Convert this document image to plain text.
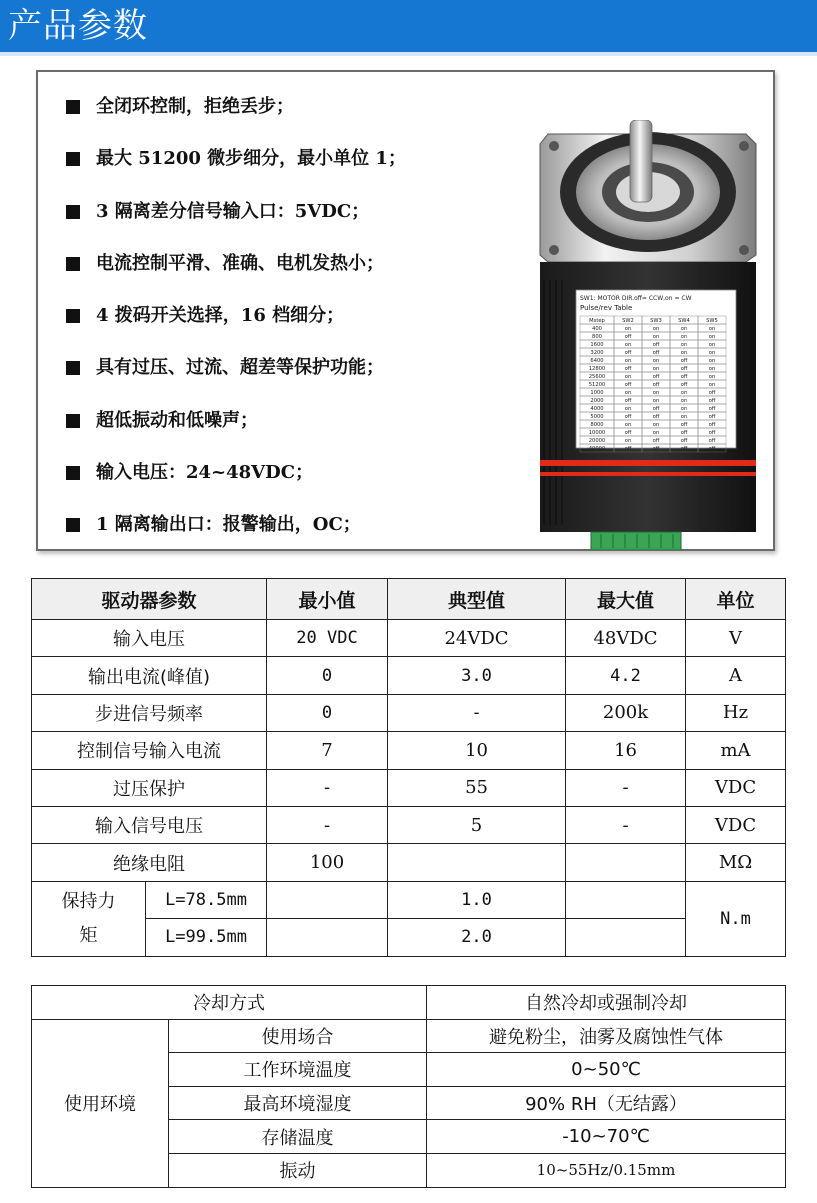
产品参数
全闭环控制，拒绝丢步；
最大 51200 微步细分，最小单位 1；
3 隔离差分信号输入口：5VDC；
电流控制平滑、准确、电机发热小；
4 拨码开关选择，16 档细分；
具有过压、过流、超差等保护功能；
超低振动和低噪声；
输入电压：24~48VDC；
1 隔离输出口：报警输出，OC；
SW1: MOTOR DIR.off= CCW,on = CW
Pulse/rev Table
Mstep	SW2	SW3	SW4	SW5
400	on	on	on	on
800	off	on	on	on
1600	on	off	on	on
3200	off	off	on	on
6400	on	on	off	on
12800	off	on	off	on
25600	on	off	off	on
51200	off	off	off	on
1000	on	on	on	off
2000	off	on	on	off
4000	on	off	on	off
5000	off	off	on	off
8000	on	on	off	off
10000	off	on	off	off
20000	on	off	off	off
40000	off	off	off	off
驱动器参数		最小值	典型值	最大值	单位
输入电压		20 VDC	24VDC	48VDC	V
输出电流(峰值)		0	3.0	4.2	A
步进信号频率		0	-	200k	Hz
控制信号输入电流		7	10	16	mA
过压保护		-	55	-	VDC
输入信号电压		-	5	-	VDC
绝缘电阻		100			MΩ
保持力
矩	L=78.5mm		1.0		N.m
	L=99.5mm		2.0		
冷却方式		自然冷却或强制冷却
使用环境	使用场合	避免粉尘，油雾及腐蚀性气体
	工作环境温度	0~50℃
	最高环境湿度	90% RH（无结露）
	存储温度	-10~70℃
	振动	10~55Hz/0.15mm
